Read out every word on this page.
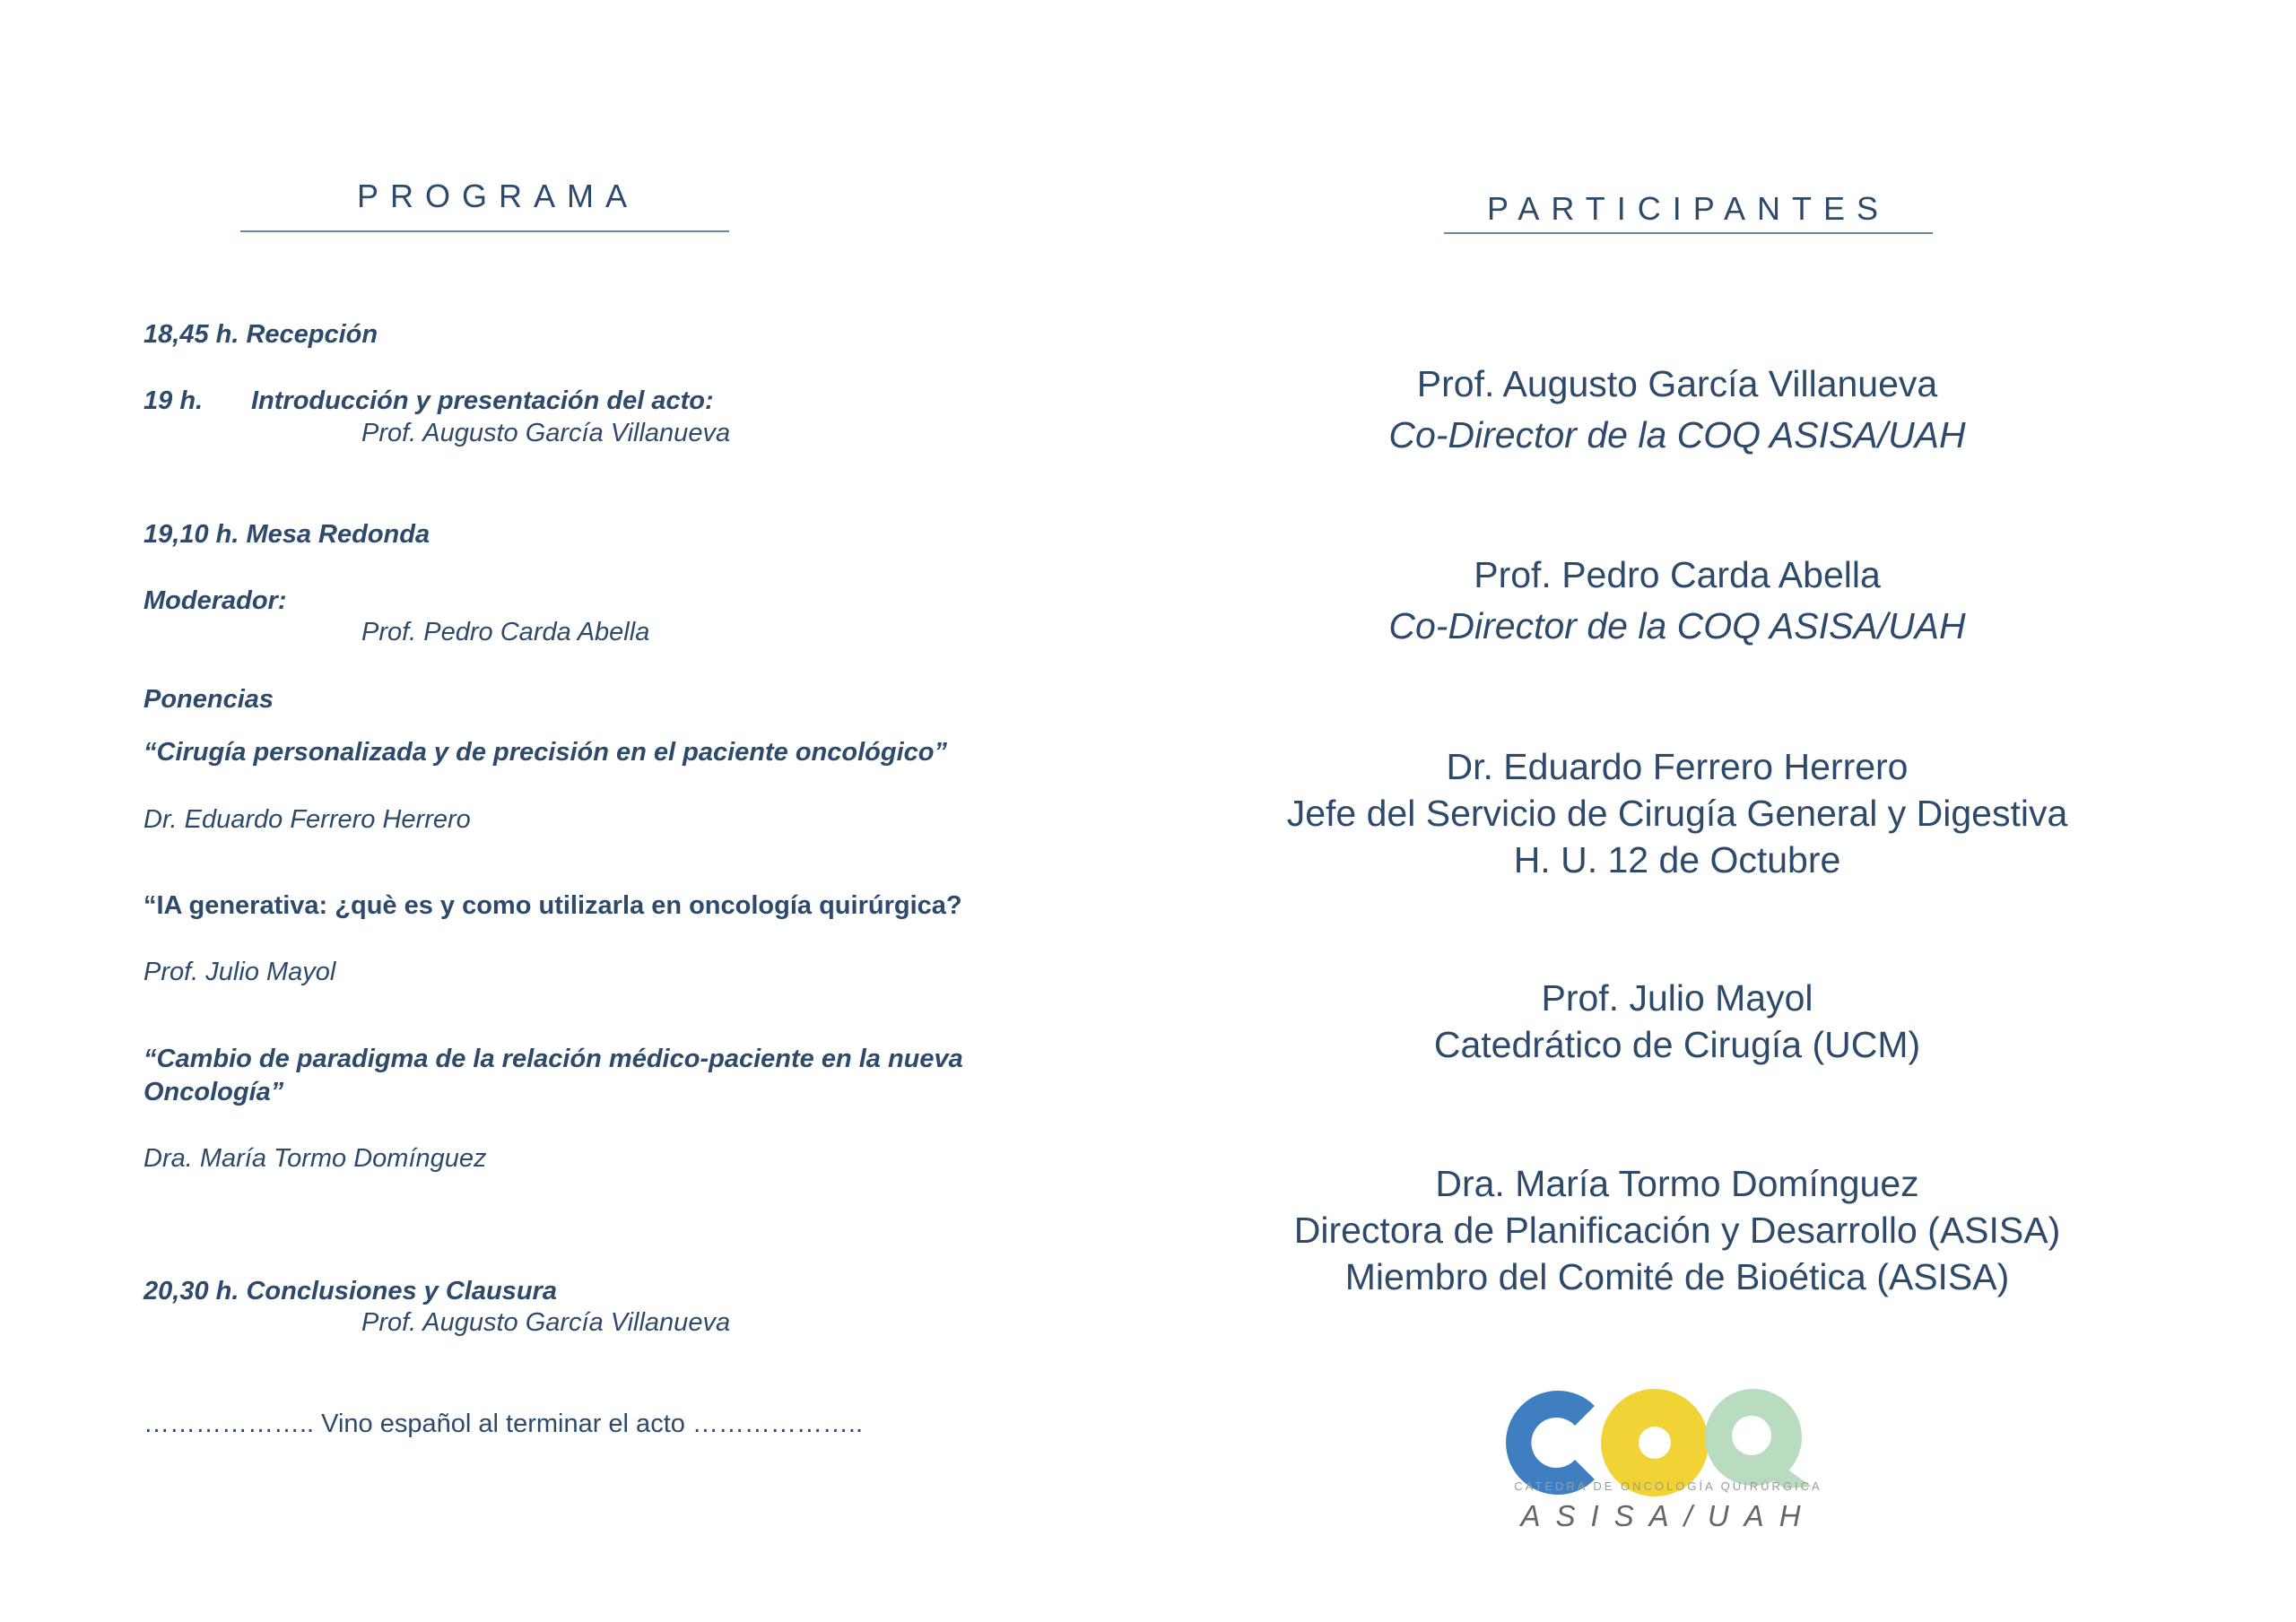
PROGRAMA
18,45 h. Recepción
19 h. Introducción y presentación del acto:
Prof. Augusto García Villanueva
19,10 h. Mesa Redonda
Moderador:
Prof. Pedro Carda Abella
Ponencias
“Cirugía personalizada y de precisión en el paciente oncológico”
Dr. Eduardo Ferrero Herrero
“IA generativa: ¿què es y como utilizarla en oncología quirúrgica?
Prof. Julio Mayol
“Cambio de paradigma de la relación médico-paciente en la nueva
Oncología”
Dra. María Tormo Domínguez
20,30 h. Conclusiones y Clausura
Prof. Augusto García Villanueva
……………….. Vino español al terminar el acto ………………..
PARTICIPANTES
Prof. Augusto García Villanueva
Co-Director de la COQ ASISA/UAH
Prof. Pedro Carda Abella
Co-Director de la COQ ASISA/UAH
Dr. Eduardo Ferrero Herrero
Jefe del Servicio de Cirugía General y Digestiva
H. U. 12 de Octubre
Prof. Julio Mayol
Catedrático de Cirugía (UCM)
Dra. María Tormo Domínguez
Directora de Planificación y Desarrollo (ASISA)
Miembro del Comité de Bioética (ASISA)
CATEDRA DE ONCOLOGÍA QUIRÚRGICA
ASISA/UAH
